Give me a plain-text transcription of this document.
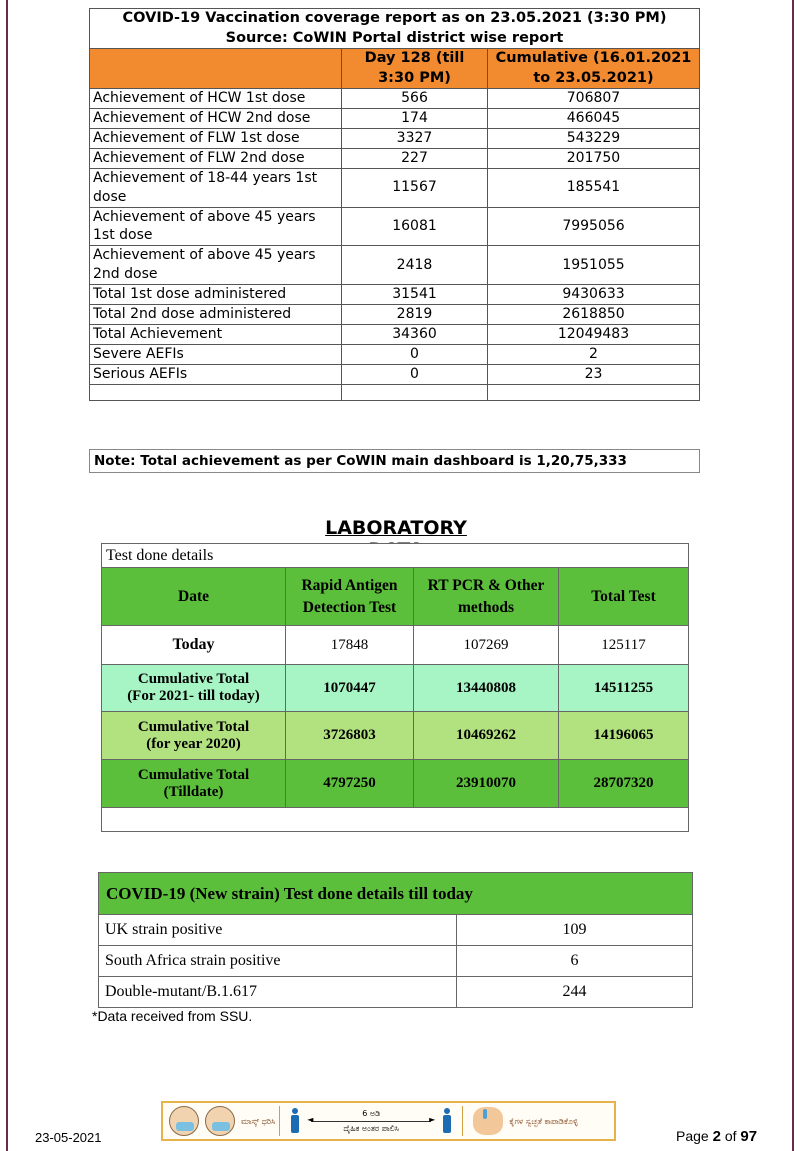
COVID-19 Vaccination coverage report as on 23.05.2021 (3:30 PM)
Source: CoWIN Portal district wise report		

	Day 128 (till 3:30 PM)	Cumulative (16.01.2021 to 23.05.2021)
Achievement of HCW 1st dose	566	706807
Achievement of HCW 2nd dose	174	466045
Achievement of FLW 1st dose	3327	543229
Achievement of FLW 2nd dose	227	201750
Achievement of 18-44 years 1st dose	11567	185541
Achievement of above 45 years 1st dose	16081	7995056
Achievement of above 45 years 2nd dose	2418	1951055
Total 1st dose administered	31541	9430633
Total 2nd dose administered	2819	2618850
Total Achievement	34360	12049483
Severe AEFIs	0	2
Serious AEFIs	0	23

Note: Total achievement as per CoWIN main dashboard is 1,20,75,333
LABORATORY
Test done details			
Date	Rapid Antigen Detection Test	RT PCR & Other methods	Total Test
Today	17848	107269	125117

Cumulative Total
(For 2021- till today)	1070447	13440808	14511255

Cumulative Total
(for year 2020)	3726803	10469262	14196065

Cumulative Total
(Tilldate)	4797250	23910070	28707320

COVID-19 (New strain) Test done details till today	
UK strain positive	109
South Africa strain positive	6
Double-mutant/B.1.617	244
*Data received from SSU.
23-05-2021
ಮಾಸ್ಕ್ ಧರಿಸಿ
6 ಅಡಿ
◄ ►
ದೈಹಿಕ ಅಂತರ ಪಾಲಿಸಿ
ಕೈಗಳ ಸ್ವಚ್ಛತೆ ಕಾಪಾಡಿಕೊಳ್ಳಿ
Page 2 of 97
